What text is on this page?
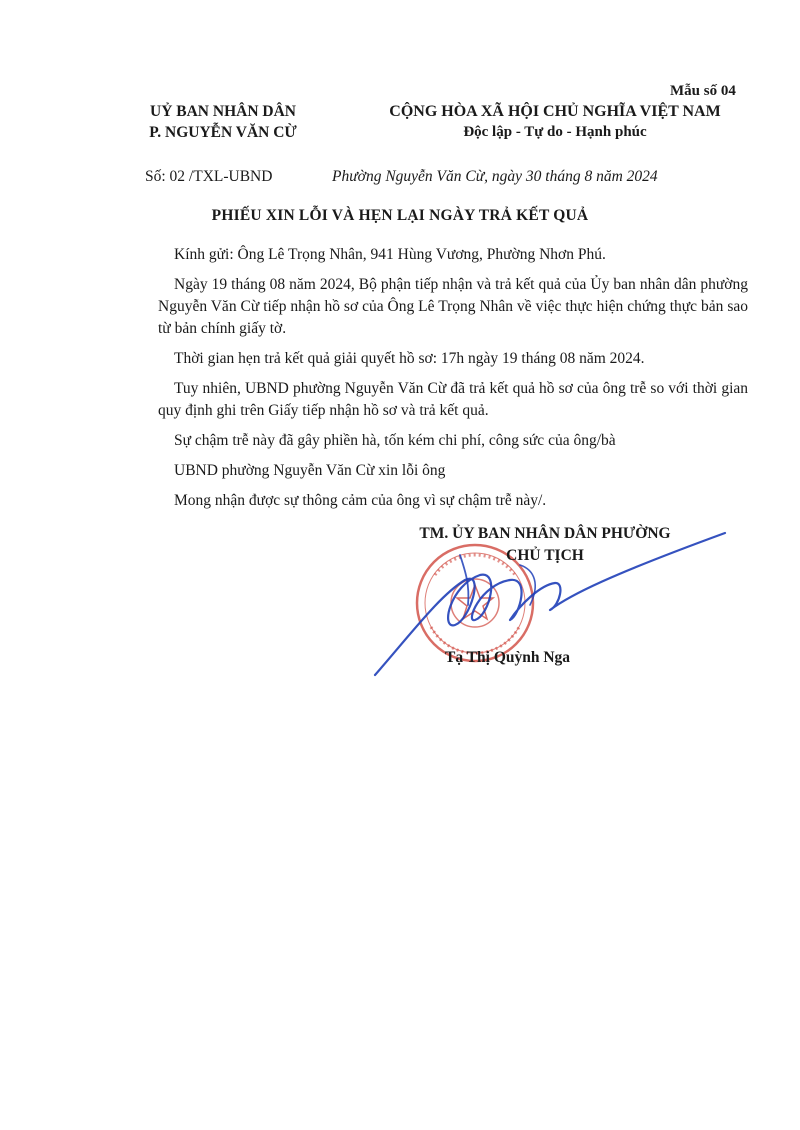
Mẫu số 04
UỶ BAN NHÂN DÂN
P. NGUYỄN VĂN CỪ
CỘNG HÒA XÃ HỘI CHỦ NGHĨA VIỆT NAM
Độc lập - Tự do - Hạnh phúc
Số: 02 /TXL-UBND	Phường Nguyễn Văn Cừ, ngày 30 tháng 8 năm 2024
PHIẾU XIN LỖI VÀ HẸN LẠI NGÀY TRẢ KẾT QUẢ

Kính gửi: Ông Lê Trọng Nhân, 941 Hùng Vương, Phường Nhơn Phú.

Ngày 19 tháng 08 năm 2024, Bộ phận tiếp nhận và trả kết quả của Ủy ban nhân dân phường Nguyễn Văn Cừ tiếp nhận hồ sơ của Ông Lê Trọng Nhân về việc thực hiện chứng thực bản sao từ bản chính giấy tờ.

Thời gian hẹn trả kết quả giải quyết hồ sơ: 17h ngày 19 tháng 08 năm 2024.

Tuy nhiên, UBND phường Nguyễn Văn Cừ đã trả kết quả hồ sơ của ông trễ so với thời gian quy định ghi trên Giấy tiếp nhận hồ sơ và trả kết quả.

Sự chậm trễ này đã gây phiền hà, tốn kém chi phí, công sức của ông/bà

UBND phường Nguyễn Văn Cừ xin lỗi ông

Mong nhận được sự thông cảm của ông vì sự chậm trễ này/.

TM. ỦY BAN NHÂN DÂN PHƯỜNG
CHỦ TỊCH
Tạ Thị Quỳnh Nga
